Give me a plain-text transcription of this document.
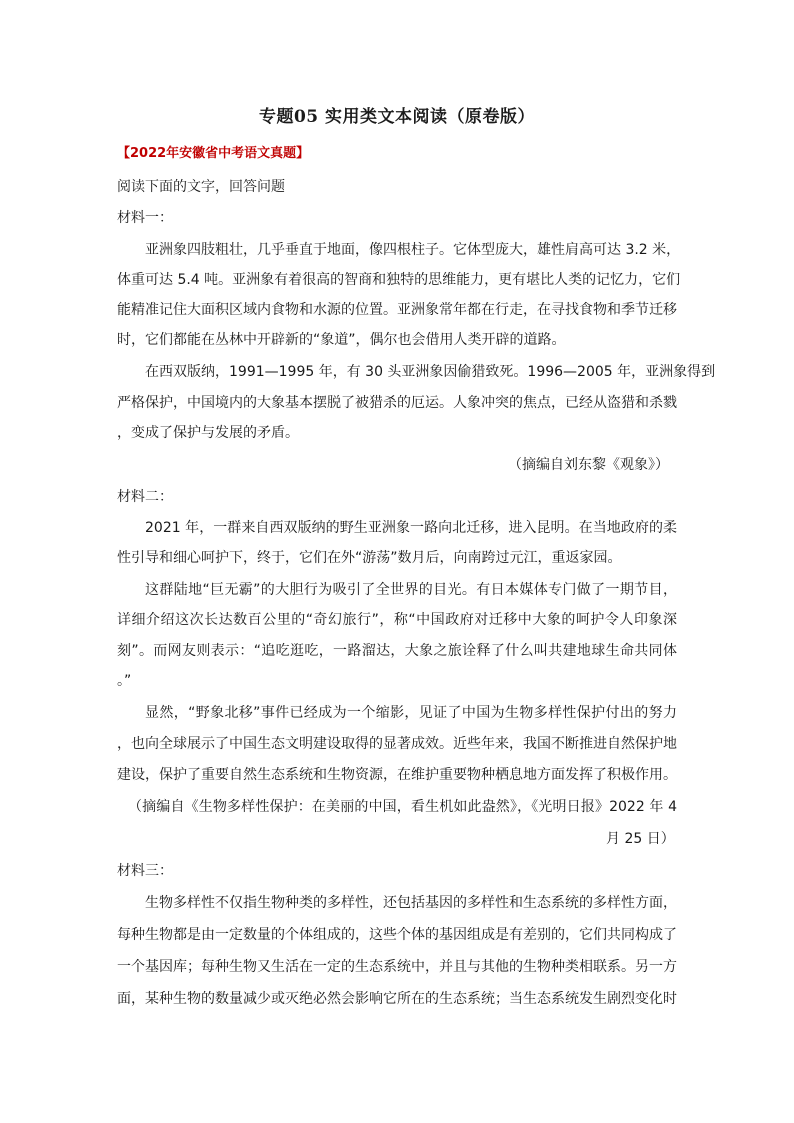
专题05 实用类文本阅读（原卷版）
【2022年安徽省中考语文真题】
阅读下面的文字，回答问题
材料一：
亚洲象四肢粗壮，几乎垂直于地面，像四根柱子。它体型庞大，雄性肩高可达 3.2 米，
体重可达 5.4 吨。亚洲象有着很高的智商和独特的思维能力，更有堪比人类的记忆力，它们
能精准记住大面积区域内食物和水源的位置。亚洲象常年都在行走，在寻找食物和季节迁移
时，它们都能在丛林中开辟新的“象道”，偶尔也会借用人类开辟的道路。
在西双版纳，1991—1995 年，有 30 头亚洲象因偷猎致死。1996—2005 年，亚洲象得到
严格保护，中国境内的大象基本摆脱了被猎杀的厄运。人象冲突的焦点，已经从盗猎和杀戮
，变成了保护与发展的矛盾。
（摘编自刘东黎《观象》）
材料二：
2021 年，一群来自西双版纳的野生亚洲象一路向北迁移，进入昆明。在当地政府的柔
性引导和细心呵护下，终于，它们在外“游荡”数月后，向南跨过元江，重返家园。
这群陆地“巨无霸”的大胆行为吸引了全世界的目光。有日本媒体专门做了一期节目，
详细介绍这次长达数百公里的“奇幻旅行”，称“中国政府对迁移中大象的呵护令人印象深
刻”。而网友则表示：“追吃逛吃，一路溜达，大象之旅诠释了什么叫共建地球生命共同体
。”
显然，“野象北移”事件已经成为一个缩影，见证了中国为生物多样性保护付出的努力
，也向全球展示了中国生态文明建设取得的显著成效。近些年来，我国不断推进自然保护地
建设，保护了重要自然生态系统和生物资源，在维护重要物种栖息地方面发挥了积极作用。
（摘编自《生物多样性保护：在美丽的中国，看生机如此盎然》，《光明日报》2022 年 4
月 25 日）
材料三：
生物多样性不仅指生物种类的多样性，还包括基因的多样性和生态系统的多样性方面，
每种生物都是由一定数量的个体组成的，这些个体的基因组成是有差别的，它们共同构成了
一个基因库；每种生物又生活在一定的生态系统中，并且与其他的生物种类相联系。另一方
面，某种生物的数量减少或灭绝必然会影响它所在的生态系统；当生态系统发生剧烈变化时
